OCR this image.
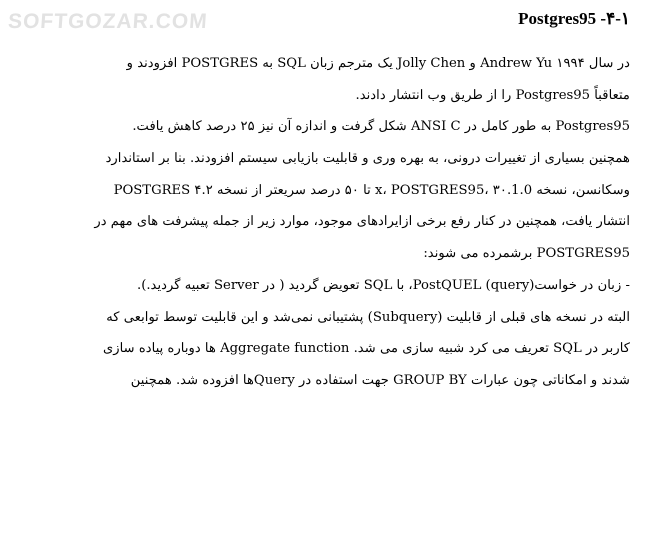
SOFTGOZAR.COM	Postgres95 -۴-۱
در سال ۱۹۹۴ Andrew Yu و Jolly Chen یک مترجم زبان SQL به POSTGRES افزودند و
متعاقباً Postgres95 را از طریق وب انتشار دادند.
Postgres95 به طور کامل در ANSI C شکل گرفت و اندازه آن نیز ۲۵ درصد کاهش یافت.
همچنین بسیاری از تغییرات درونی، به بهره وری و قابلیت بازیابی سیستم افزودند. بنا بر استاندارد
وسکانسن، نسخه 1.0.x، POSTGRES95، ۳۰ تا ۵۰ درصد سریعتر از نسخه ۴.۲ POSTGRES
انتشار یافت، همچنین در کنار رفع برخی ازایرادهای موجود، موارد زیر از جمله پیشرفت های مهم در
POSTGRES95 برشمرده می شوند:
- زبان در خواست(query) PostQUEL، با SQL تعویض گردید ( در Server تعبیه گردید.).
البته در نسخه های قبلی از قابلیت (Subquery) پشتیبانی نمی‌شد و این قابلیت توسط توابعی که
کاربر در SQL تعریف می کرد شبیه سازی می شد. Aggregate function ها دوباره پیاده سازی
شدند و امکاناتی چون عبارات GROUP BY جهت استفاده در Queryها افزوده شد. همچنین
